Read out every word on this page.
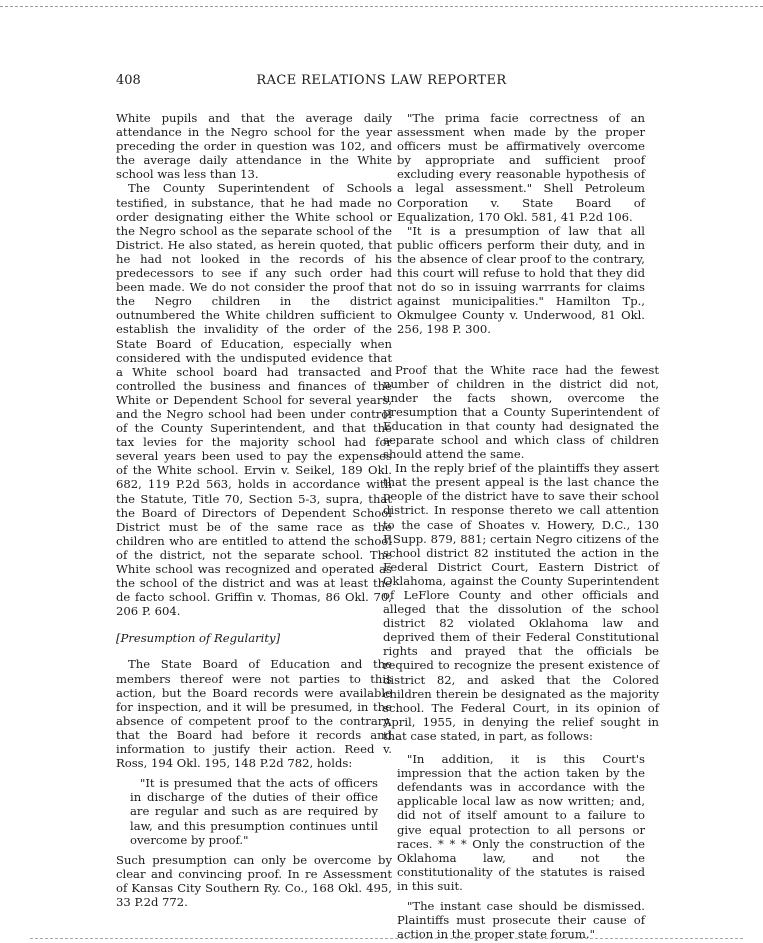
408	RACE RELATIONS LAW REPORTER

White pupils and that the average daily attendance in the Negro school for the year preceding the order in question was 102, and the average daily attendance in the White school was less than 13.

The County Superintendent of Schools testified, in substance, that he had made no order designating either the White school or the Negro school as the separate school of the District. He also stated, as herein quoted, that he had not looked in the records of his predecessors to see if any such order had been made. We do not consider the proof that the Negro children in the district outnumbered the White children sufficient to establish the invalidity of the order of the State Board of Education, especially when considered with the undisputed evidence that a White school board had transacted and controlled the business and finances of the White or Dependent School for several years, and the Negro school had been under control of the County Superintendent, and that the tax levies for the majority school had for several years been used to pay the expenses of the White school. Ervin v. Seikel, 189 Okl. 682, 119 P.2d 563, holds in accordance with the Statute, Title 70, Section 5-3, supra, that the Board of Directors of Dependent School District must be of the same race as the children who are entitled to attend the school of the district, not the separate school. The White school was recognized and operated as the school of the district and was at least the de facto school. Griffin v. Thomas, 86 Okl. 70, 206 P. 604.

[Presumption of Regularity]

The State Board of Education and the members thereof were not parties to this action, but the Board records were available for inspection, and it will be presumed, in the absence of competent proof to the contrary, that the Board had before it records and information to justify their action. Reed v. Ross, 194 Okl. 195, 148 P.2d 782, holds:

"It is presumed that the acts of officers in discharge of the duties of their office are regular and such as are required by law, and this presumption continues until overcome by proof."

Such presumption can only be overcome by clear and convincing proof. In re Assessment of Kansas City Southern Ry. Co., 168 Okl. 495, 33 P.2d 772.

"The prima facie correctness of an assessment when made by the proper officers must be affirmatively overcome by appropriate and sufficient proof excluding every reasonable hypothesis of a legal assessment." Shell Petroleum Corporation v. State Board of Equalization, 170 Okl. 581, 41 P.2d 106.

"It is a presumption of law that all public officers perform their duty, and in the absence of clear proof to the contrary, this court will refuse to hold that they did not do so in issuing warrrants for claims against municipalities." Hamilton Tp., Okmulgee County v. Underwood, 81 Okl. 256, 198 P. 300.

Proof that the White race had the fewest number of children in the district did not, under the facts shown, overcome the presumption that a County Superintendent of Education in that county had designated the separate school and which class of children should attend the same.

In the reply brief of the plaintiffs they assert that the present appeal is the last chance the people of the district have to save their school district. In response thereto we call attention to the case of Shoates v. Howery, D.C., 130 F.Supp. 879, 881; certain Negro citizens of the school district 82 instituted the action in the Federal District Court, Eastern District of Oklahoma, against the County Superintendent of LeFlore County and other officials and alleged that the dissolution of the school district 82 violated Oklahoma law and deprived them of their Federal Constitutional rights and prayed that the officials be required to recognize the present existence of district 82, and asked that the Colored children therein be designated as the majority school. The Federal Court, in its opinion of April, 1955, in denying the relief sought in that case stated, in part, as follows:

"In addition, it is this Court's impression that the action taken by the defendants was in accordance with the applicable local law as now written; and, did not of itself amount to a failure to give equal protection to all persons or races. * * * Only the construction of the Oklahoma law, and not the constitutionality of the statutes is raised in this suit.

"The instant case should be dismissed. Plaintiffs must prosecute their cause of action in the proper state forum."
